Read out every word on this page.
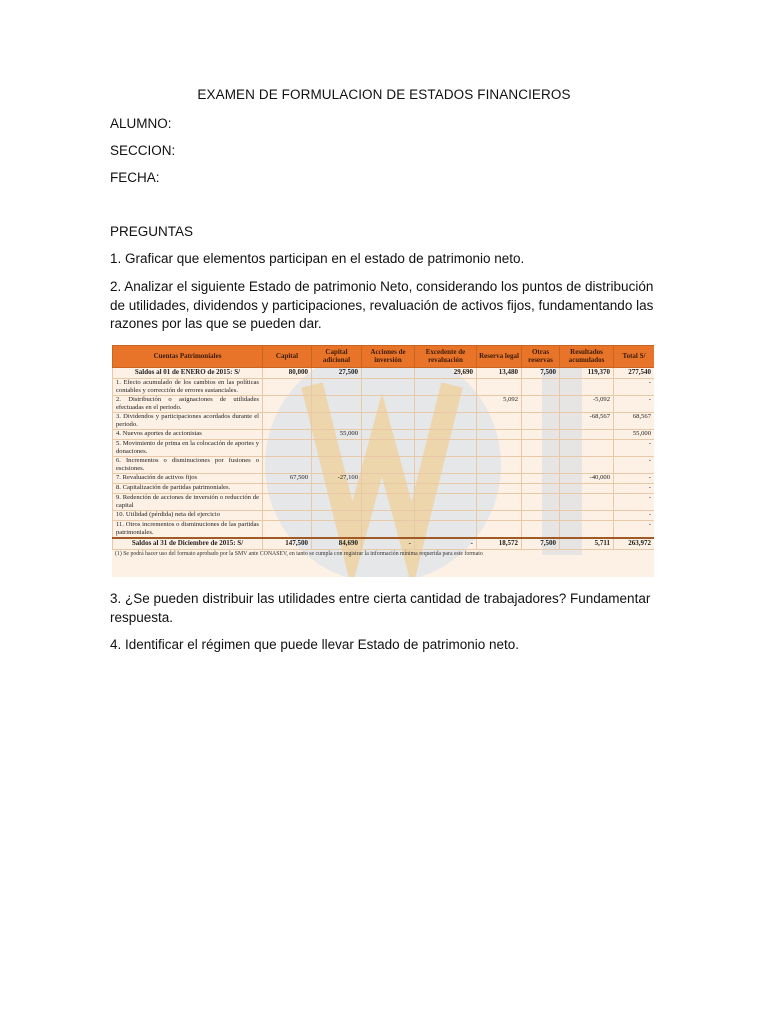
EXAMEN DE FORMULACION DE ESTADOS FINANCIEROS
ALUMNO:
SECCION:
FECHA:
PREGUNTAS
1. Graficar que elementos participan en el estado de patrimonio neto.
2. Analizar el siguiente Estado de patrimonio Neto, considerando los puntos de distribución de utilidades, dividendos y participaciones, revaluación de activos fijos, fundamentando las razones por las que se pueden dar.
Cuentas Patrimoniales	Capital	Capital adicional	Acciones de inversión	Excedente de revaluación	Reserva legal	Otras reservas	Resultados acumulados	Total S/
Saldos al 01 de ENERO de 2015: S/	80,000	27,500		29,690	13,480	7,500	119,370	277,540
1. Efecto acumulado de los cambios en las políticas contables y corrección de errores sustanciales.								-
2. Distribución o asignaciones de utilidades efectuadas en el periodo.					5,092		-5,092	-
3. Dividendos y participaciones acordados durante el periodo.							-68,567	68,567
4. Nuevos aportes de accionistas		55,000						55,000
5. Movimiento de prima en la colocación de aportes y donaciones.								-
6. Incrementos o disminuciones por fusiones o escisiones.								-
7. Revaluación de activos fijos	67,500	-27,100					-40,000	-
8. Capitalización de partidas patrimoniales.								-
9. Redención de acciones de inversión o reducción de capital								-
10. Utilidad (pérdida) neta del ejercicio								-
11. Otros incrementos o disminuciones de las partidas patrimoniales.								-
Saldos al 31 de Diciembre de 2015: S/	147,500	84,690	-	-	18,572	7,500	5,711	263,972
(1) Se podrá hacer uso del formato aprobado por la SMV ante CONASEV, en tanto se cumpla con registrar la información mínima requerida para este formato
3. ¿Se pueden distribuir las utilidades entre cierta cantidad de trabajadores? Fundamentar respuesta.
4. Identificar el régimen que puede llevar Estado de patrimonio neto.
